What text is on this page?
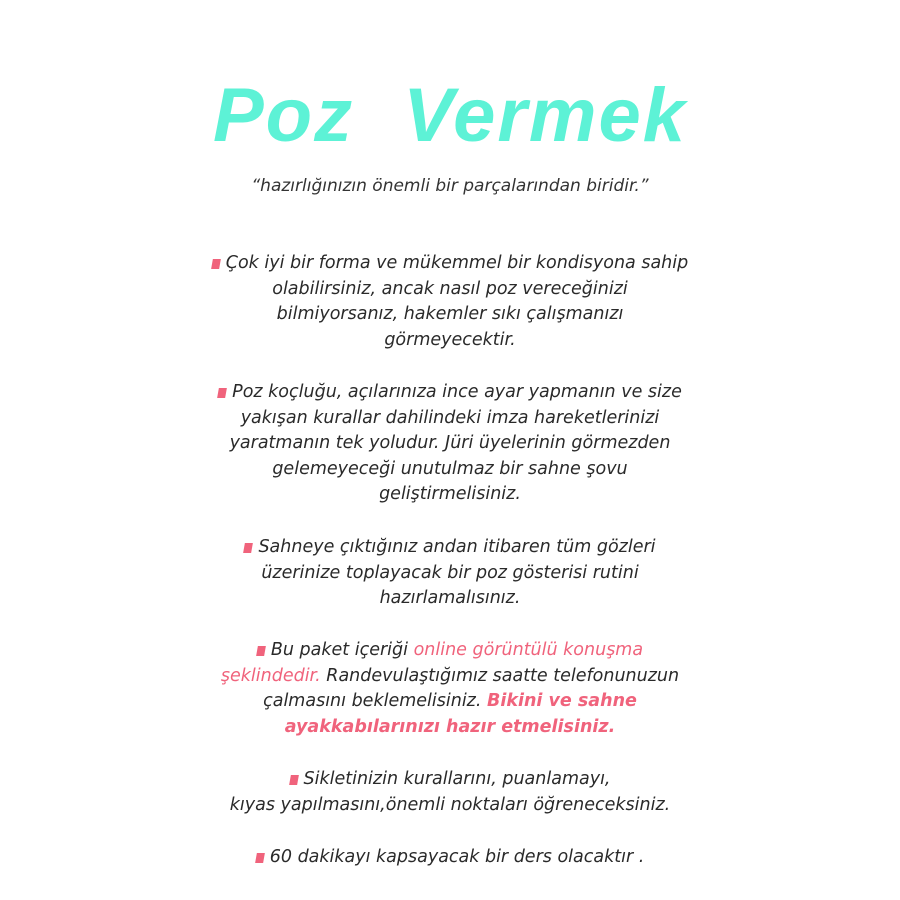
Poz Vermek
“hazırlığınızın önemli bir parçalarından biridir.”
Çok iyi bir forma ve mükemmel bir kondisyona sahip
olabilirsiniz, ancak nasıl poz vereceğinizi
bilmiyorsanız, hakemler sıkı çalışmanızı
görmeyecektir.
Poz koçluğu, açılarınıza ince ayar yapmanın ve size
yakışan kurallar dahilindeki imza hareketlerinizi
yaratmanın tek yoludur. Jüri üyelerinin görmezden
gelemeyeceği unutulmaz bir sahne şovu
geliştirmelisiniz.
Sahneye çıktığınız andan itibaren tüm gözleri
üzerinize toplayacak bir poz gösterisi rutini
hazırlamalısınız.
Bu paket içeriği online görüntülü konuşma
şeklindedir. Randevulaştığımız saatte telefonunuzun
çalmasını beklemelisiniz. Bikini ve sahne
ayakkabılarınızı hazır etmelisiniz.
Sikletinizin kurallarını, puanlamayı,
kıyas yapılmasını,önemli noktaları öğreneceksiniz.
60 dakikayı kapsayacak bir ders olacaktır .
